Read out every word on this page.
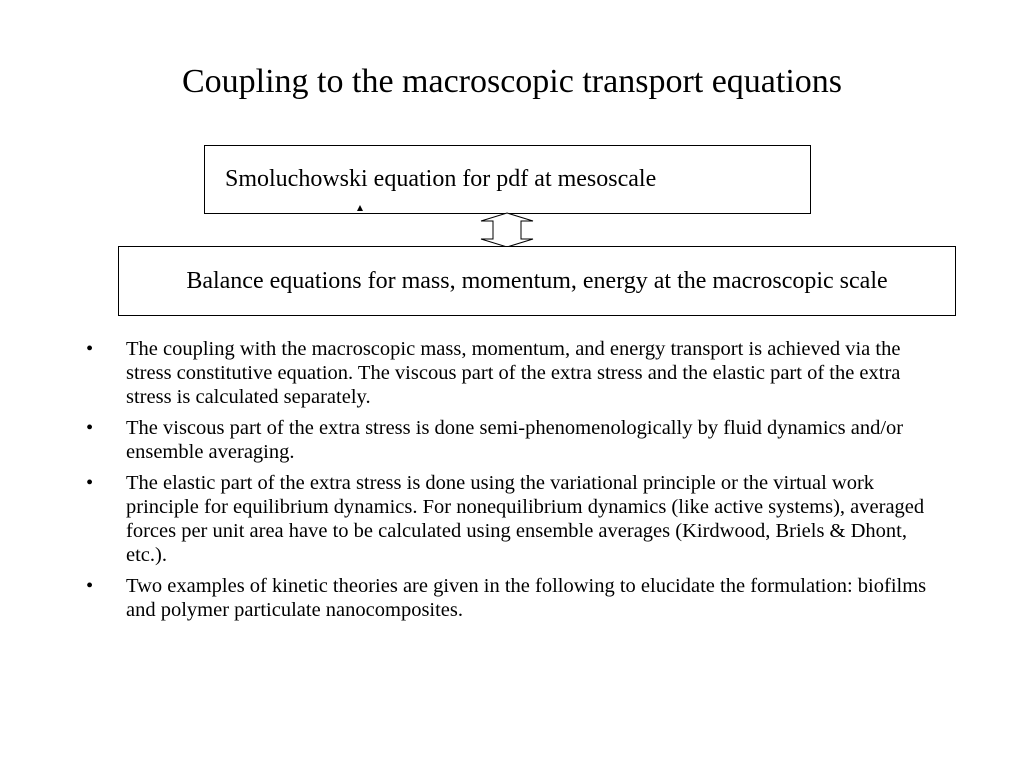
Coupling to the macroscopic transport equations
Smoluchowski equation for pdf at mesoscale
Balance equations for mass, momentum, energy at the macroscopic scale
• The coupling with the macroscopic mass, momentum, and energy transport is achieved via the stress constitutive equation. The viscous part of the extra stress and the elastic part of the extra stress is calculated separately.
• The viscous part of the extra stress is done semi-phenomenologically by fluid dynamics and/or ensemble averaging.
• The elastic part of the extra stress is done using the variational principle or the virtual work principle for equilibrium dynamics. For nonequilibrium dynamics (like active systems), averaged forces per unit area have to be calculated using ensemble averages (Kirdwood, Briels & Dhont, etc.).
• Two examples of kinetic theories are given in the following to elucidate the formulation: biofilms and polymer particulate nanocomposites.
